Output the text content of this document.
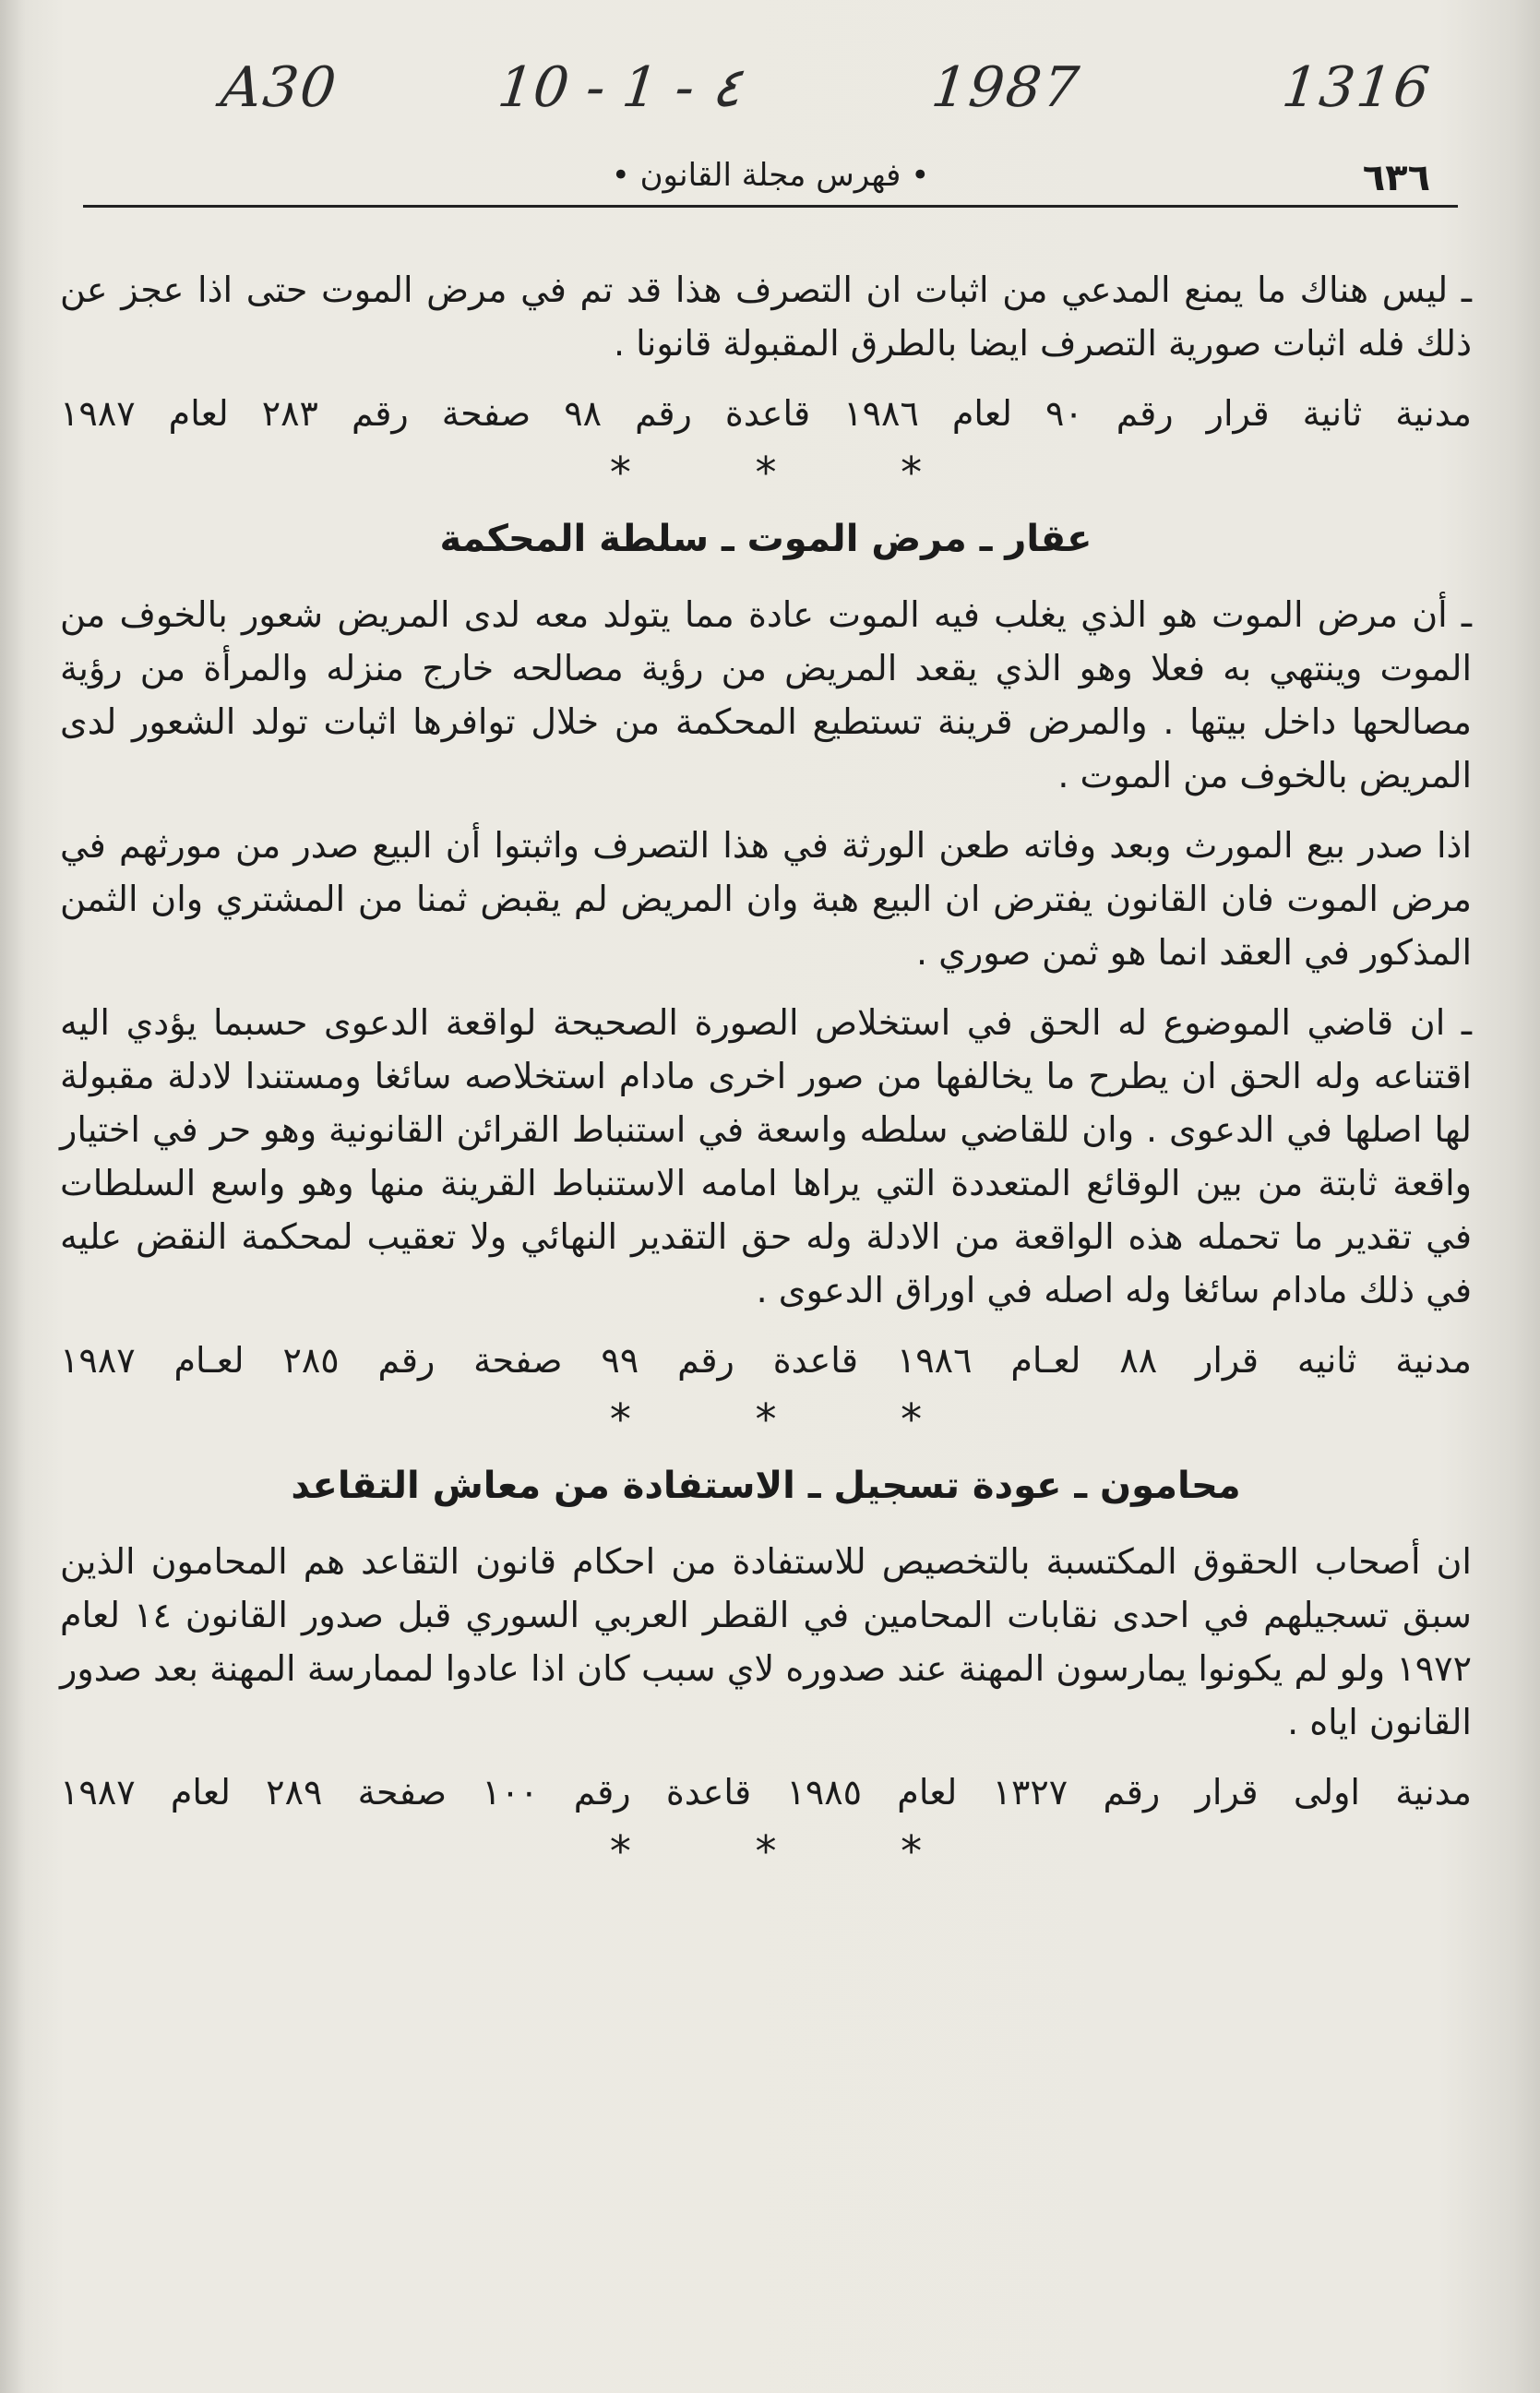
1316
1987
10 - 1 - ٤
A30
• فهرس مجلة القانون •	٦٣٦

ـ ليس هناك ما يمنع المدعي من اثبات ان التصرف هذا قد تم في مرض الموت حتى اذا عجز عن ذلك فله اثبات صورية التصرف ايضا بالطرق المقبولة قانونا .

مدنية ثانية قرار رقم ٩٠ لعام ١٩٨٦ قاعدة رقم ٩٨ صفحة رقم ٢٨٣ لعام ١٩٨٧

* * *
عقار ـ مرض الموت ـ سلطة المحكمة

ـ أن مرض الموت هو الذي يغلب فيه الموت عادة مما يتولد معه لدى المريض شعور بالخوف من الموت وينتهي به فعلا وهو الذي يقعد المريض من رؤية مصالحه خارج منزله والمرأة من رؤية مصالحها داخل بيتها . والمرض قرينة تستطيع المحكمة من خلال توافرها اثبات تولد الشعور لدى المريض بالخوف من الموت .

اذا صدر بيع المورث وبعد وفاته طعن الورثة في هذا التصرف واثبتوا أن البيع صدر من مورثهم في مرض الموت فان القانون يفترض ان البيع هبة وان المريض لم يقبض ثمنا من المشتري وان الثمن المذكور في العقد انما هو ثمن صوري .

ـ ان قاضي الموضوع له الحق في استخلاص الصورة الصحيحة لواقعة الدعوى حسبما يؤدي اليه اقتناعه وله الحق ان يطرح ما يخالفها من صور اخرى مادام استخلاصه سائغا ومستندا لادلة مقبولة لها اصلها في الدعوى . وان للقاضي سلطه واسعة في استنباط القرائن القانونية وهو حر في اختيار واقعة ثابتة من بين الوقائع المتعددة التي يراها امامه الاستنباط القرينة منها وهو واسع السلطات في تقدير ما تحمله هذه الواقعة من الادلة وله حق التقدير النهائي ولا تعقيب لمحكمة النقض عليه في ذلك مادام سائغا وله اصله في اوراق الدعوى .

مدنية ثانيه قرار ٨٨ لعـام ١٩٨٦ قاعدة رقم ٩٩ صفحة رقم ٢٨٥ لعـام ١٩٨٧

* * *
محامون ـ عودة تسجيل ـ الاستفادة من معاش التقاعد

ان أصحاب الحقوق المكتسبة بالتخصيص للاستفادة من احكام قانون التقاعد هم المحامون الذين سبق تسجيلهم في احدى نقابات المحامين في القطر العربي السوري قبل صدور القانون ١٤ لعام ١٩٧٢ ولو لم يكونوا يمارسون المهنة عند صدوره لاي سبب كان اذا عادوا لممارسة المهنة بعد صدور القانون اياه .

مدنية اولى قرار رقم ١٣٢٧ لعام ١٩٨٥ قاعدة رقم ١٠٠ صفحة ٢٨٩ لعام ١٩٨٧

* * *
